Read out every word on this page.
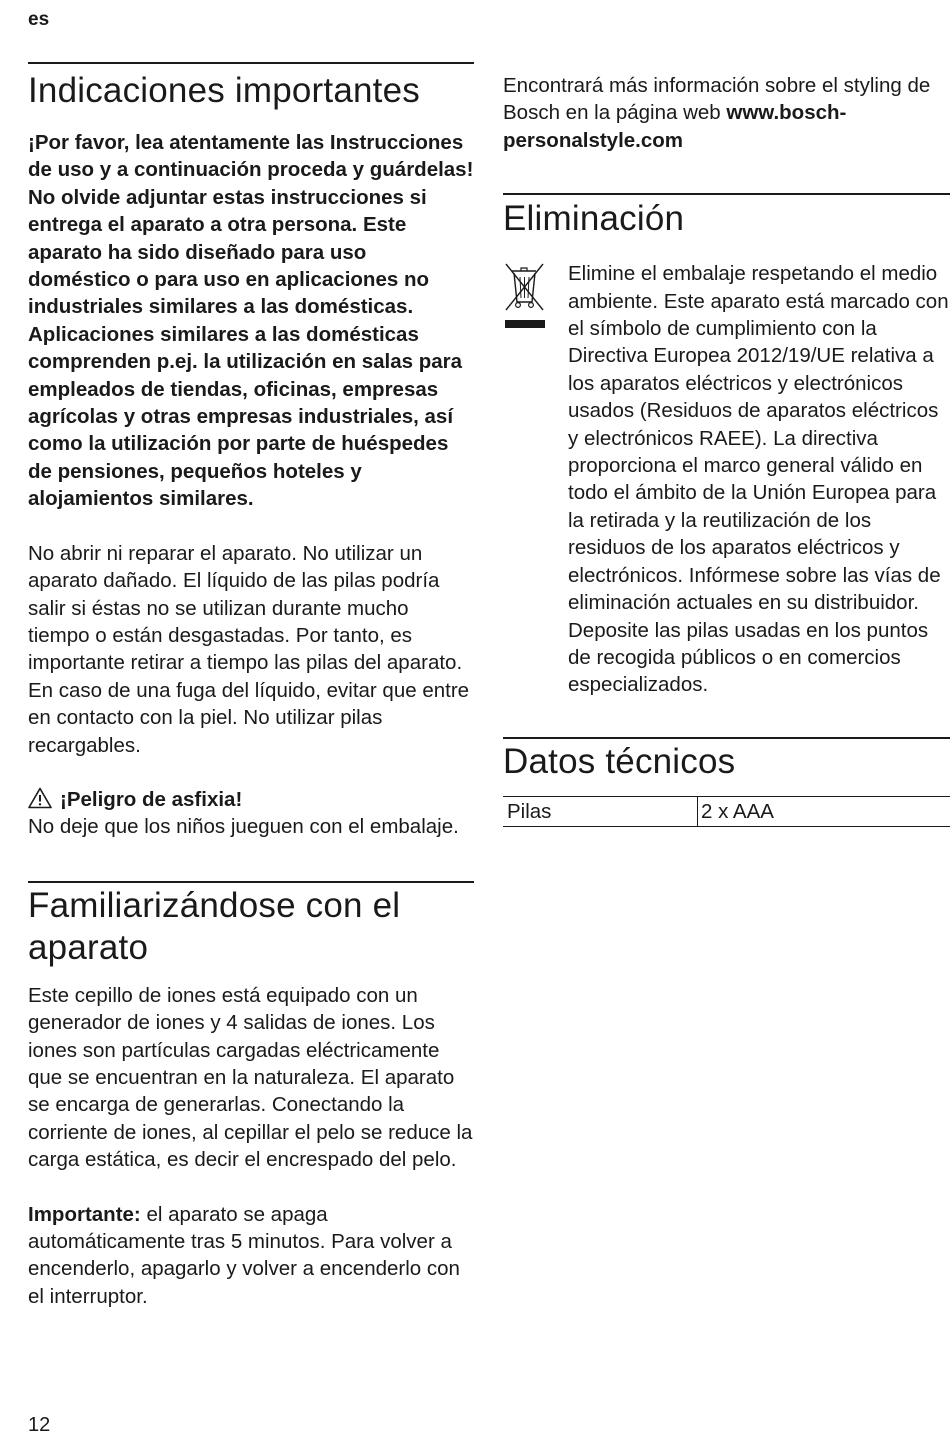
es
Indicaciones importantes

¡Por favor, lea atentamente las Instrucciones de uso y a continuación proceda y guárdelas! No olvide adjuntar estas instrucciones si entrega el aparato a otra persona. Este aparato ha sido diseñado para uso doméstico o para uso en aplicaciones no industriales similares a las domésticas. Aplicaciones similares a las domésticas comprenden p.ej. la utilización en salas para empleados de tiendas, oficinas, empresas agrícolas y otras empresas industriales, así como la utilización por parte de huéspedes de pensiones, pequeños hoteles y alojamientos similares.

No abrir ni reparar el aparato. No utilizar un aparato dañado. El líquido de las pilas podría salir si éstas no se utilizan durante mucho tiempo o están desgastadas. Por tanto, es importante retirar a tiempo las pilas del aparato. En caso de una fuga del líquido, evitar que entre en contacto con la piel. No utilizar pilas recargables.

¡Peligro de asfixia!

No deje que los niños jueguen con el embalaje.

Familiarizándose con el aparato

Este cepillo de iones está equipado con un generador de iones y 4 salidas de iones. Los iones son partículas cargadas eléctricamente que se encuentran en la naturaleza. El aparato se encarga de generarlas. Conectando la corriente de iones, al cepillar el pelo se reduce la carga estática, es decir el encrespado del pelo.

Importante: el aparato se apaga automáticamente tras 5 minutos. Para volver a encenderlo, apagarlo y volver a encenderlo con el interruptor.

Encontrará más información sobre el styling de Bosch en la página web www.bosch-personalstyle.com

Eliminación

Elimine el embalaje respetando el medio ambiente. Este aparato está marcado con el símbolo de cumplimiento con la Directiva Europea 2012/19/UE relativa a los aparatos eléctricos y electrónicos usados (Residuos de aparatos eléctricos y electrónicos RAEE). La directiva proporciona el marco general válido en todo el ámbito de la Unión Europea para la retirada y la reutilización de los residuos de los aparatos eléctricos y electrónicos. Infórmese sobre las vías de eliminación actuales en su distribuidor. Deposite las pilas usadas en los puntos de recogida públicos o en comercios especializados.

Datos técnicos
Pilas	2 x AAA
12
